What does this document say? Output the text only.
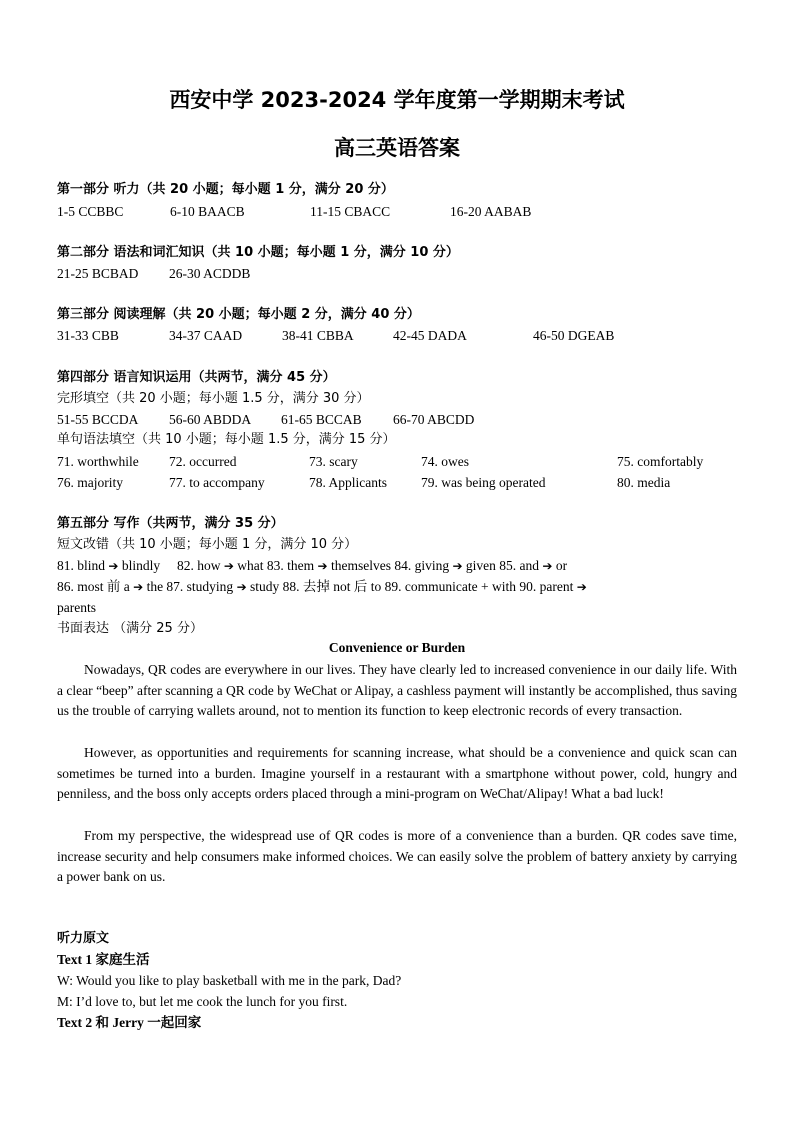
西安中学 2023-2024 学年度第一学期期末考试
高三英语答案
第一部分 听力（共 20 小题；每小题 1 分，满分 20 分）
1-5 CCBBC	6-10 BAACB	11-15 CBACC	16-20 AABAB
第二部分 语法和词汇知识（共 10 小题；每小题 1 分，满分 10 分）
21-25 BCBAD 26-30 ACDDB
第三部分 阅读理解（共 20 小题；每小题 2 分，满分 40 分）
31-33 CBB	34-37 CAAD	38-41 CBBA	42-45 DADA	46-50 DGEAB
第四部分 语言知识运用（共两节，满分 45 分）
完形填空（共 20 小题；每小题 1.5 分，满分 30 分）
51-55 BCCDA 56-60 ABDDA 61-65 BCCAB 66-70 ABCDD
单句语法填空（共 10 小题；每小题 1.5 分，满分 15 分）
71. worthwhile 72. occurred	73. scary	74. owes	75. comfortably
76. majority	77. to accompany	78. Applicants	79. was being operated	80. media
第五部分 写作（共两节，满分 35 分）
短文改错（共 10 小题；每小题 1 分，满分 10 分）
81. blind ➔ blindly 82. how ➔ what 83. them ➔ themselves 84. giving ➔ given 85. and ➔ or
86. most 前 a ➔ the 87. studying ➔ study 88. 去掉 not 后 to 89. communicate + with 90. parent ➔
parents
书面表达 （满分 25 分）
Convenience or Burden
Nowadays, QR codes are everywhere in our lives. They have clearly led to increased convenience in our daily life. With a clear “beep” after scanning a QR code by WeChat or Alipay, a cashless payment will instantly be accomplished, thus saving us the trouble of carrying wallets around, not to mention its function to keep electronic records of every transaction.
However, as opportunities and requirements for scanning increase, what should be a convenience and quick scan can sometimes be turned into a burden. Imagine yourself in a restaurant with a smartphone without power, cold, hungry and penniless, and the boss only accepts orders placed through a mini-program on WeChat/Alipay! What a bad luck!
From my perspective, the widespread use of QR codes is more of a convenience than a burden. QR codes save time, increase security and help consumers make informed choices. We can easily solve the problem of battery anxiety by carrying a power bank on us.
听力原文
Text 1 家庭生活
W: Would you like to play basketball with me in the park, Dad?
M: I’d love to, but let me cook the lunch for you first.
Text 2 和 Jerry 一起回家
